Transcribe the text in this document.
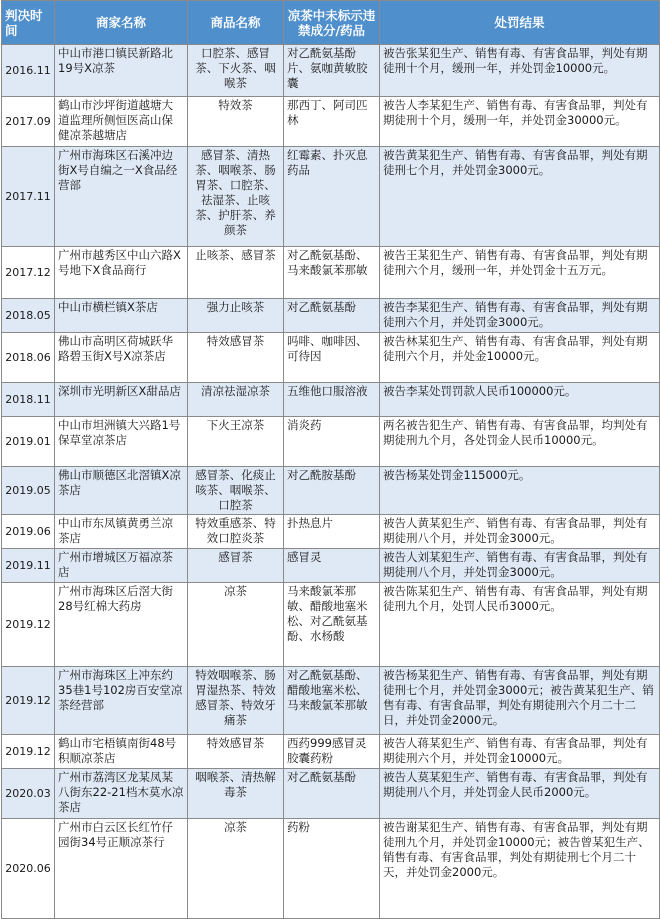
判决时间	商家名称	商品名称	凉茶中未标示违禁成分/药品	处罚结果
2016.11	中山市港口镇民新路北19号X凉茶	口腔茶、感冒茶、下火茶、咽喉茶	对乙酰氨基酚片、氨咖黄敏胶囊	被告张某犯生产、销售有毒、有害食品罪，判处有期徒刑十个月，缓刑一年，并处罚金10000元。
2017.09	鹤山市沙坪街道越塘大道监理所侧恒医高山保健凉茶越塘店	特效茶	那西丁、阿司匹林	被告人李某犯生产、销售有毒、有害食品罪，判处有期徒刑十个月，缓刑一年，并处罚金30000元。
2017.11	广州市海珠区石溪冲边街X号自编之一X食品经营部	感冒茶、清热茶、咽喉茶、肠胃茶、口腔茶、祛湿茶、止咳茶、护肝茶、养颜茶	红霉素、扑灭息药品	被告黄某犯生产、销售有毒、有害食品罪，判处有期徒刑七个月，并处罚金3000元。
2017.12	广州市越秀区中山六路X号地下X食品商行	止咳茶、感冒茶	对乙酰氨基酚、马来酸氯苯那敏	被告王某犯生产、销售有毒、有害食品罪，判处有期徒刑六个月，缓刑一年，并处罚金十五万元。
2018.05	中山市横栏镇X茶店	强力止咳茶	对乙酰氨基酚	被告李某犯生产、销售有毒、有害食品罪，判处有期徒刑六个月，并处罚金3000元。
2018.06	佛山市高明区荷城跃华路碧玉街X号X凉茶店	特效感冒茶	吗啡、咖啡因、可待因	被告林某犯生产、销售有毒、有害食品罪，判处有期徒刑六个月，并处金10000元。
2018.11	深圳市光明新区X甜品店	清凉祛湿凉茶	五维他口服溶液	被告李某处罚罚款人民币100000元。
2019.01	中山市坦洲镇大兴路1号保草堂凉茶店	下火王凉茶	消炎药	两名被告犯生产、销售有毒、有害食品罪，均判处有期徒刑九个月，各处罚金人民币10000元。
2019.05	佛山市顺德区北滘镇X凉茶店	感冒茶、化痰止咳茶、咽喉茶、口腔茶	对乙酰胺基酚	被告杨某处罚金115000元。
2019.06	中山市东凤镇黄勇兰凉茶店	特效重感茶、特效口腔炎茶	扑热息片	被告人黄某犯生产、销售有毒、有害食品罪，判处有期徒刑八个月，并处罚金3000元。
2019.11	广州市增城区万福凉茶店	感冒茶	感冒灵	被告人刘某犯生产、销售有毒、有害食品罪，判处有期徒刑八个月，并处罚金3000元。
2019.12	广州市海珠区后滘大街28号红棉大药房	凉茶	马来酸氯苯那敏、醋酸地塞米松、对乙酰氨基酚、水杨酸	被告陈某犯生产、销售有毒、有害食品罪，判处有期徒刑九个月，处罚人民币3000元。
2019.12	广州市海珠区上冲东约35巷1号102房百安堂凉茶经营部	特效咽喉茶、肠胃湿热茶、特效感冒茶、特效牙痛茶	对乙酰氨基酚、醋酸地塞米松、马来酸氯苯那敏	被告杨某犯生产、销售有毒、有害食品罪，判处有期徒刑七个月，并处罚金3000元；被告黄某犯生产、销售有毒、有害食品罪，判处有期徒刑六个月二十二日，并处罚金2000元。
2019.12	鹤山市宅梧镇南街48号积顺凉茶店	特效感冒茶	西药999感冒灵胶囊药粉	被告人蒋某犯生产、销售有毒、有害食品罪，判处有期徒刑六个月，并处罚金10000元。
2020.03	广州市荔湾区龙某凤某八街东22-21档木莫水凉茶店	咽喉茶、清热解毒茶	对乙酰氨基酚	被告人莫某犯生产、销售有毒、有害食品罪，判处有期徒刑八个月，并处罚金人民币2000元。
2020.06	广州市白云区长红竹仔园街34号正顺凉茶行	凉茶	药粉	被告谢某犯生产、销售有毒、有害食品罪，判处有期徒刑九个月，并处罚金10000元；被告曾某犯生产、销售有毒、有害食品罪，判处有期徒刑七个月二十天，并处罚金2000元。
